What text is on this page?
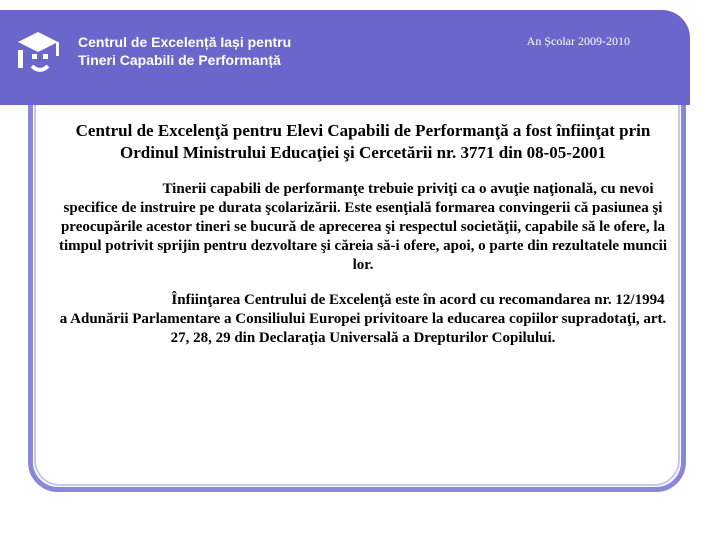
Centrul de Excelență Iași pentru
Tineri Capabili de Performanță
An Școlar 2009-2010

Centrul de Excelenţă pentru Elevi Capabili de Performanţă a fost înfiinţat prin Ordinul Ministrului Educaţiei şi Cercetării nr. 3771 din 08-05-2001

Tinerii capabili de performanţe trebuie priviţi ca o avuţie naţională, cu nevoi specifice de instruire pe durata şcolarizării. Este esenţială formarea convingerii că pasiunea şi preocupările acestor tineri se bucură de aprecerea şi respectul societăţii, capabile să le ofere, la timpul potrivit sprijin pentru dezvoltare şi căreia să-i ofere, apoi, o parte din rezultatele muncii lor.

Înfiinţarea Centrului de Excelenţă este în acord cu recomandarea nr. 12/1994 a Adunării Parlamentare a Consiliului Europei privitoare la educarea copiilor supradotaţi, art. 27, 28, 29 din Declaraţia Universală a Drepturilor Copilului.
